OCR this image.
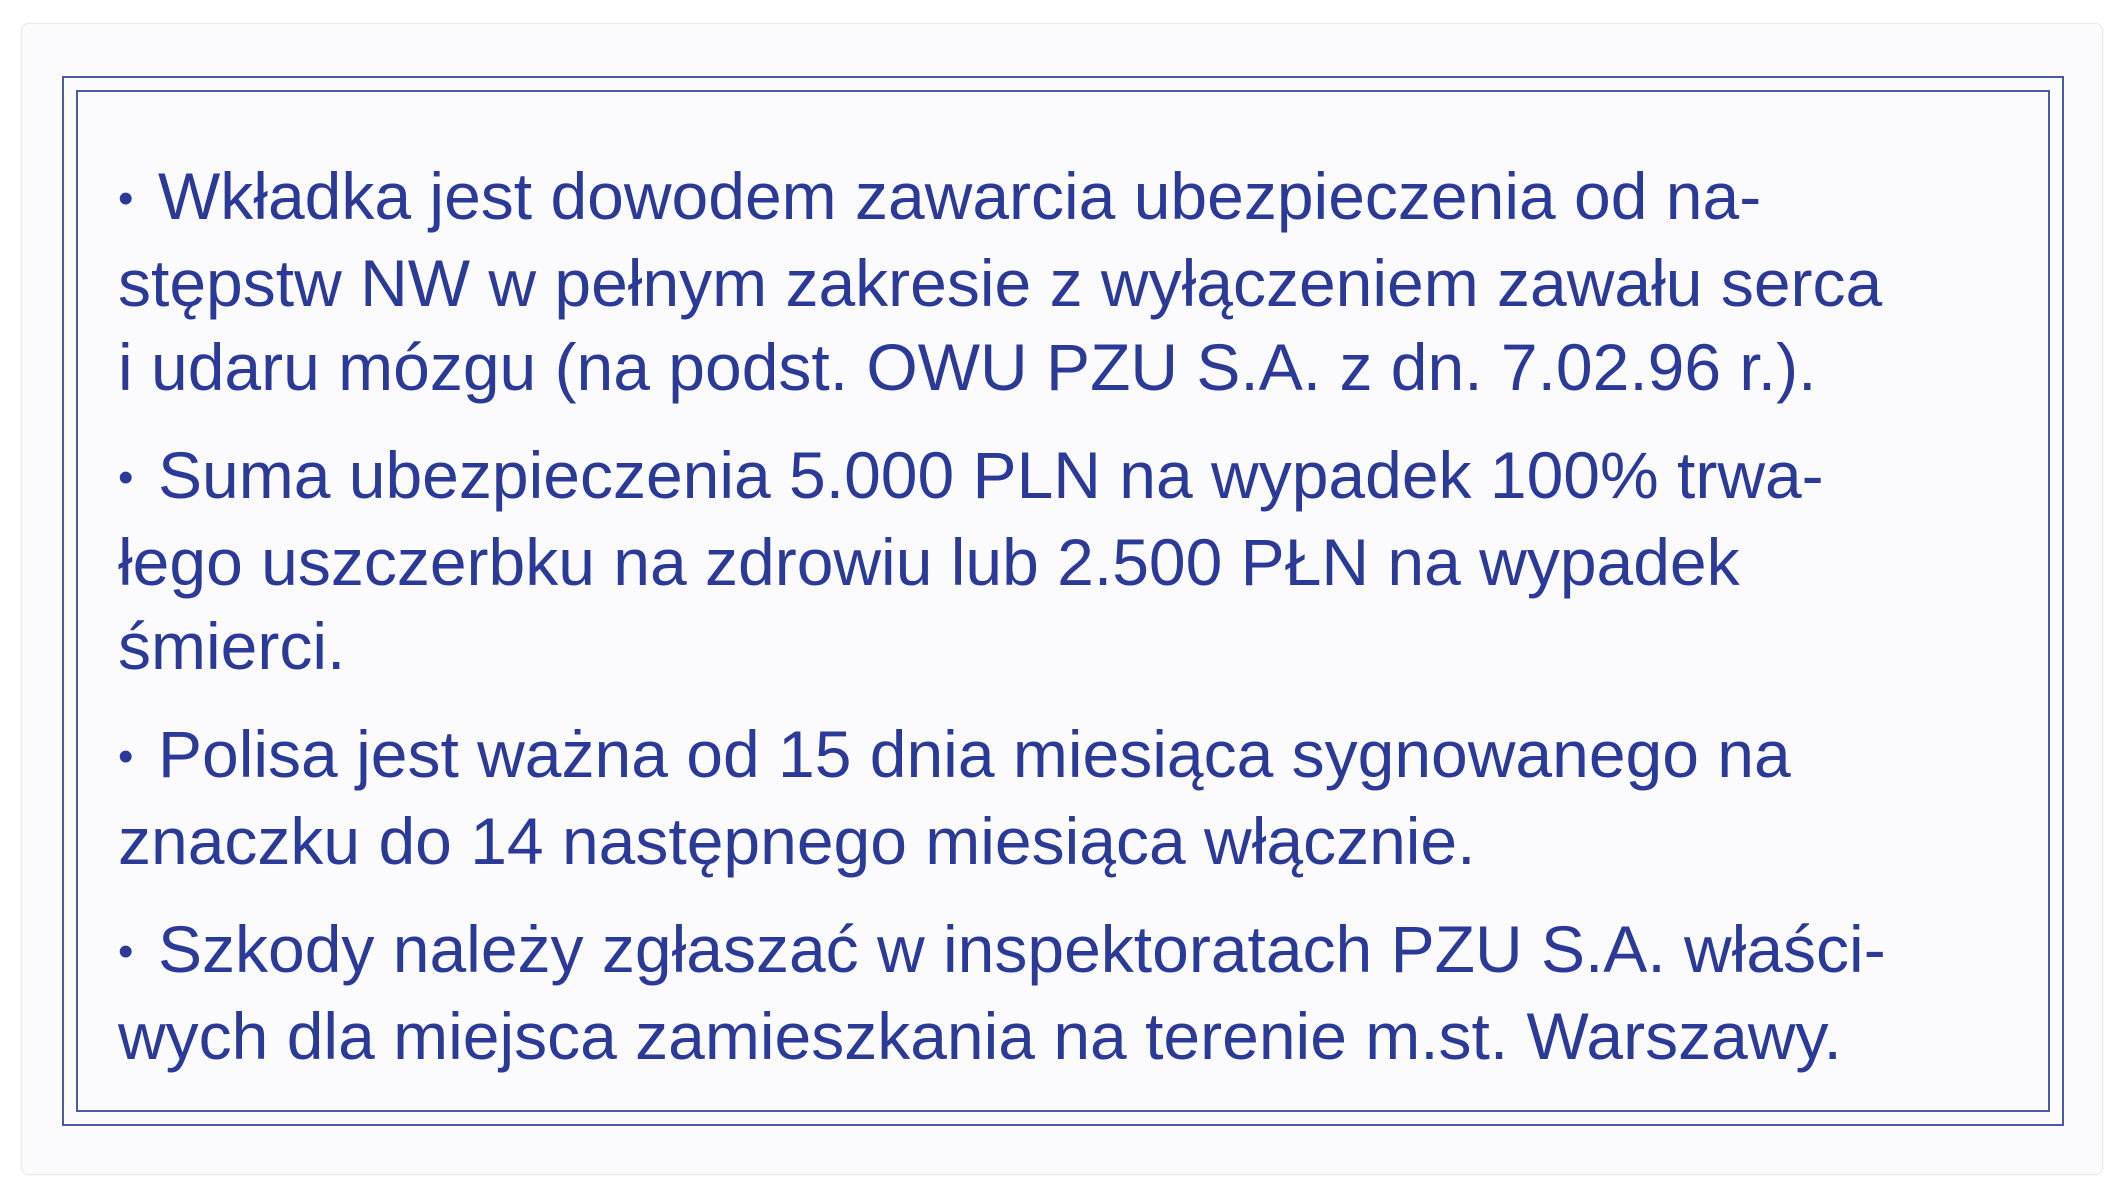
• Wkładka jest dowodem zawarcia ubezpieczenia od na-
stępstw NW w pełnym zakresie z wyłączeniem zawału serca
i udaru mózgu (na podst. OWU PZU S.A. z dn. 7.02.96 r.).

• Suma ubezpieczenia 5.000 PLN na wypadek 100% trwa-
łego uszczerbku na zdrowiu lub 2.500 PŁN na wypadek
śmierci.

• Polisa jest ważna od 15 dnia miesiąca sygnowanego na
znaczku do 14 następnego miesiąca włącznie.

• Szkody należy zgłaszać w inspektoratach PZU S.A. właści-
wych dla miejsca zamieszkania na terenie m.st. Warszawy.
